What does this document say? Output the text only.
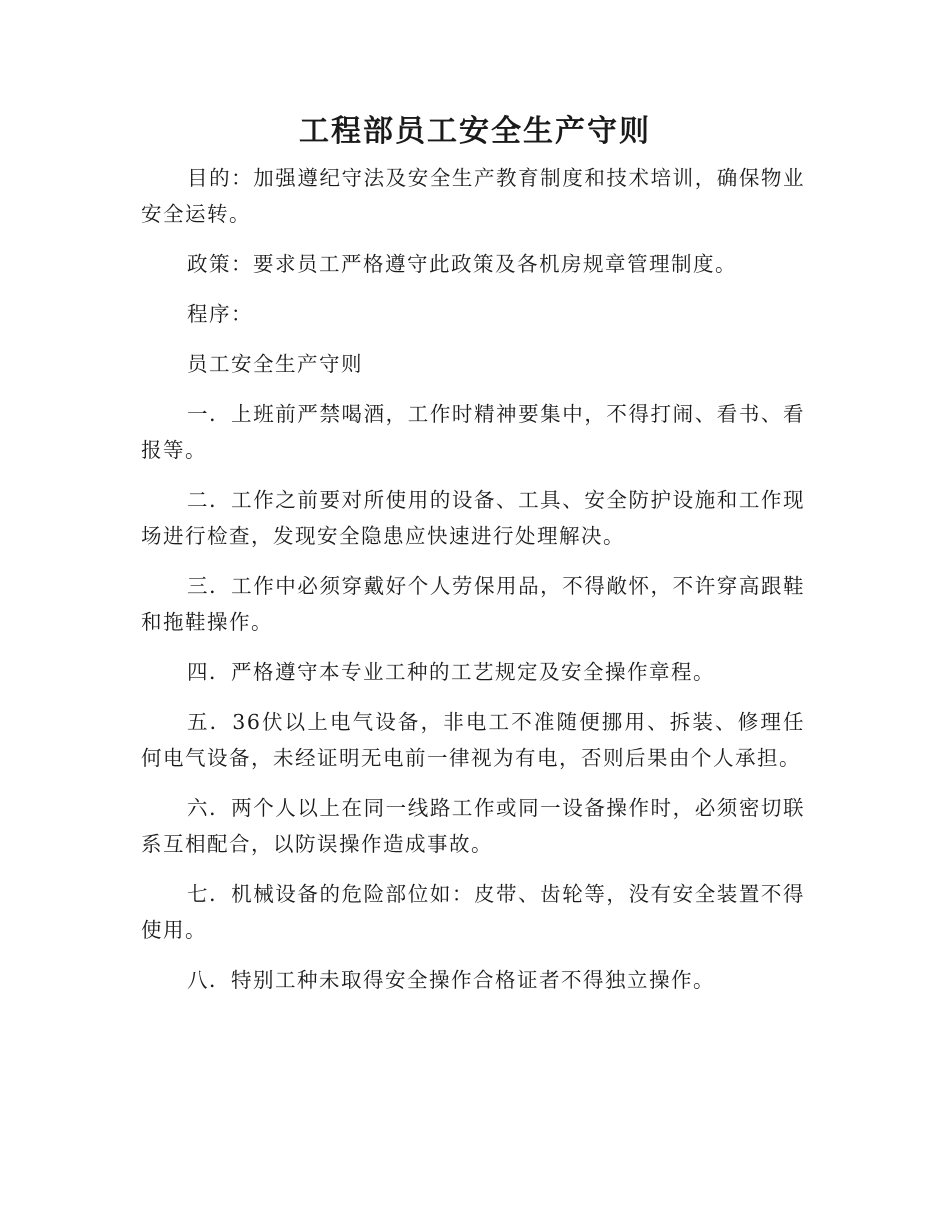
工程部员工安全生产守则

目的：加强遵纪守法及安全生产教育制度和技术培训，确保物业安全运转。

政策：要求员工严格遵守此政策及各机房规章管理制度。

程序：

员工安全生产守则

一．上班前严禁喝酒，工作时精神要集中，不得打闹、看书、看报等。

二．工作之前要对所使用的设备、工具、安全防护设施和工作现场进行检查，发现安全隐患应快速进行处理解决。

三．工作中必须穿戴好个人劳保用品，不得敞怀，不许穿高跟鞋和拖鞋操作。

四．严格遵守本专业工种的工艺规定及安全操作章程。

五．36伏以上电气设备，非电工不准随便挪用、拆装、修理任何电气设备，未经证明无电前一律视为有电，否则后果由个人承担。

六．两个人以上在同一线路工作或同一设备操作时，必须密切联系互相配合，以防误操作造成事故。

七．机械设备的危险部位如：皮带、齿轮等，没有安全装置不得使用。

八．特别工种未取得安全操作合格证者不得独立操作。
